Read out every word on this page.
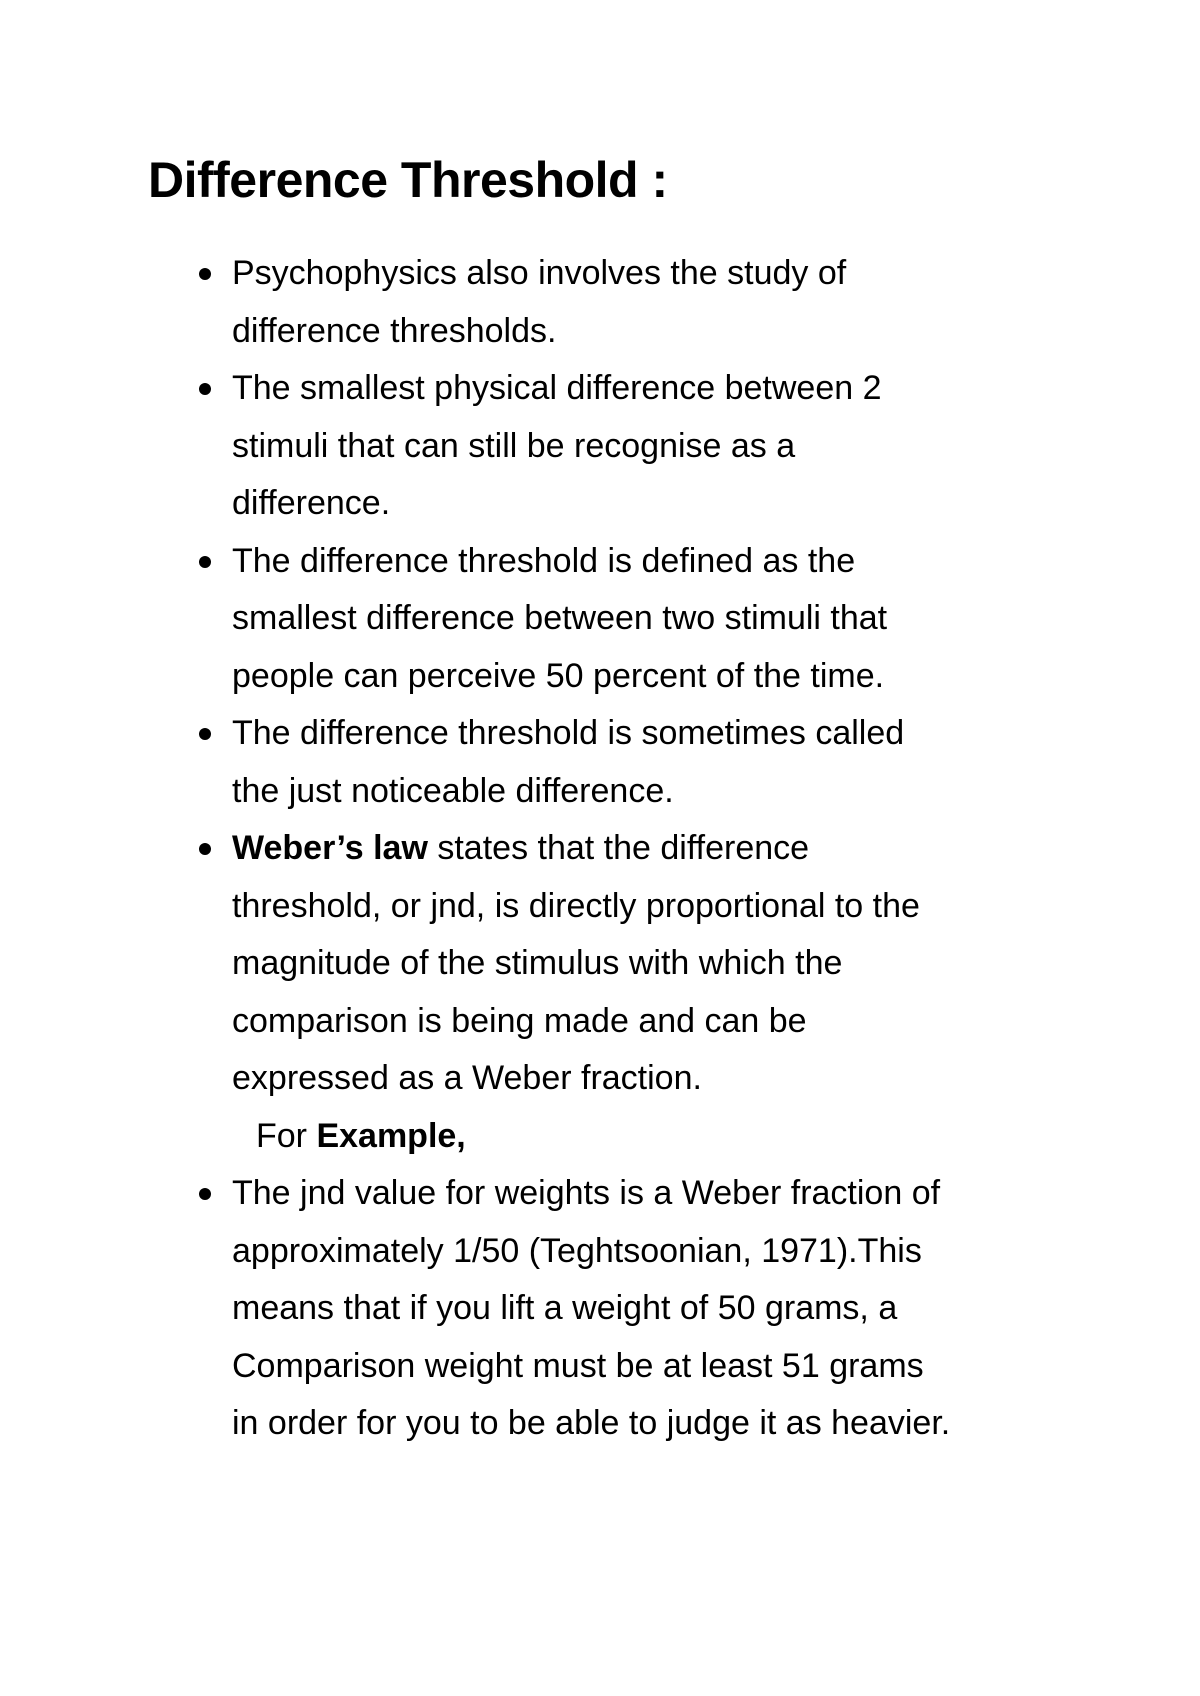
Difference Threshold :
Psychophysics also involves the study of
difference thresholds.
The smallest physical difference between 2
stimuli that can still be recognise as a
difference.
The difference threshold is defined as the
smallest difference between two stimuli that
people can perceive 50 percent of the time.
The difference threshold is sometimes called
the just noticeable difference.
Weber’s law states that the difference
threshold, or jnd, is directly proportional to the
magnitude of the stimulus with which the
comparison is being made and can be
expressed as a Weber fraction.
For Example,
The jnd value for weights is a Weber fraction of
approximately 1/50 (Teghtsoonian, 1971).This
means that if you lift a weight of 50 grams, a
Comparison weight must be at least 51 grams
in order for you to be able to judge it as heavier.
